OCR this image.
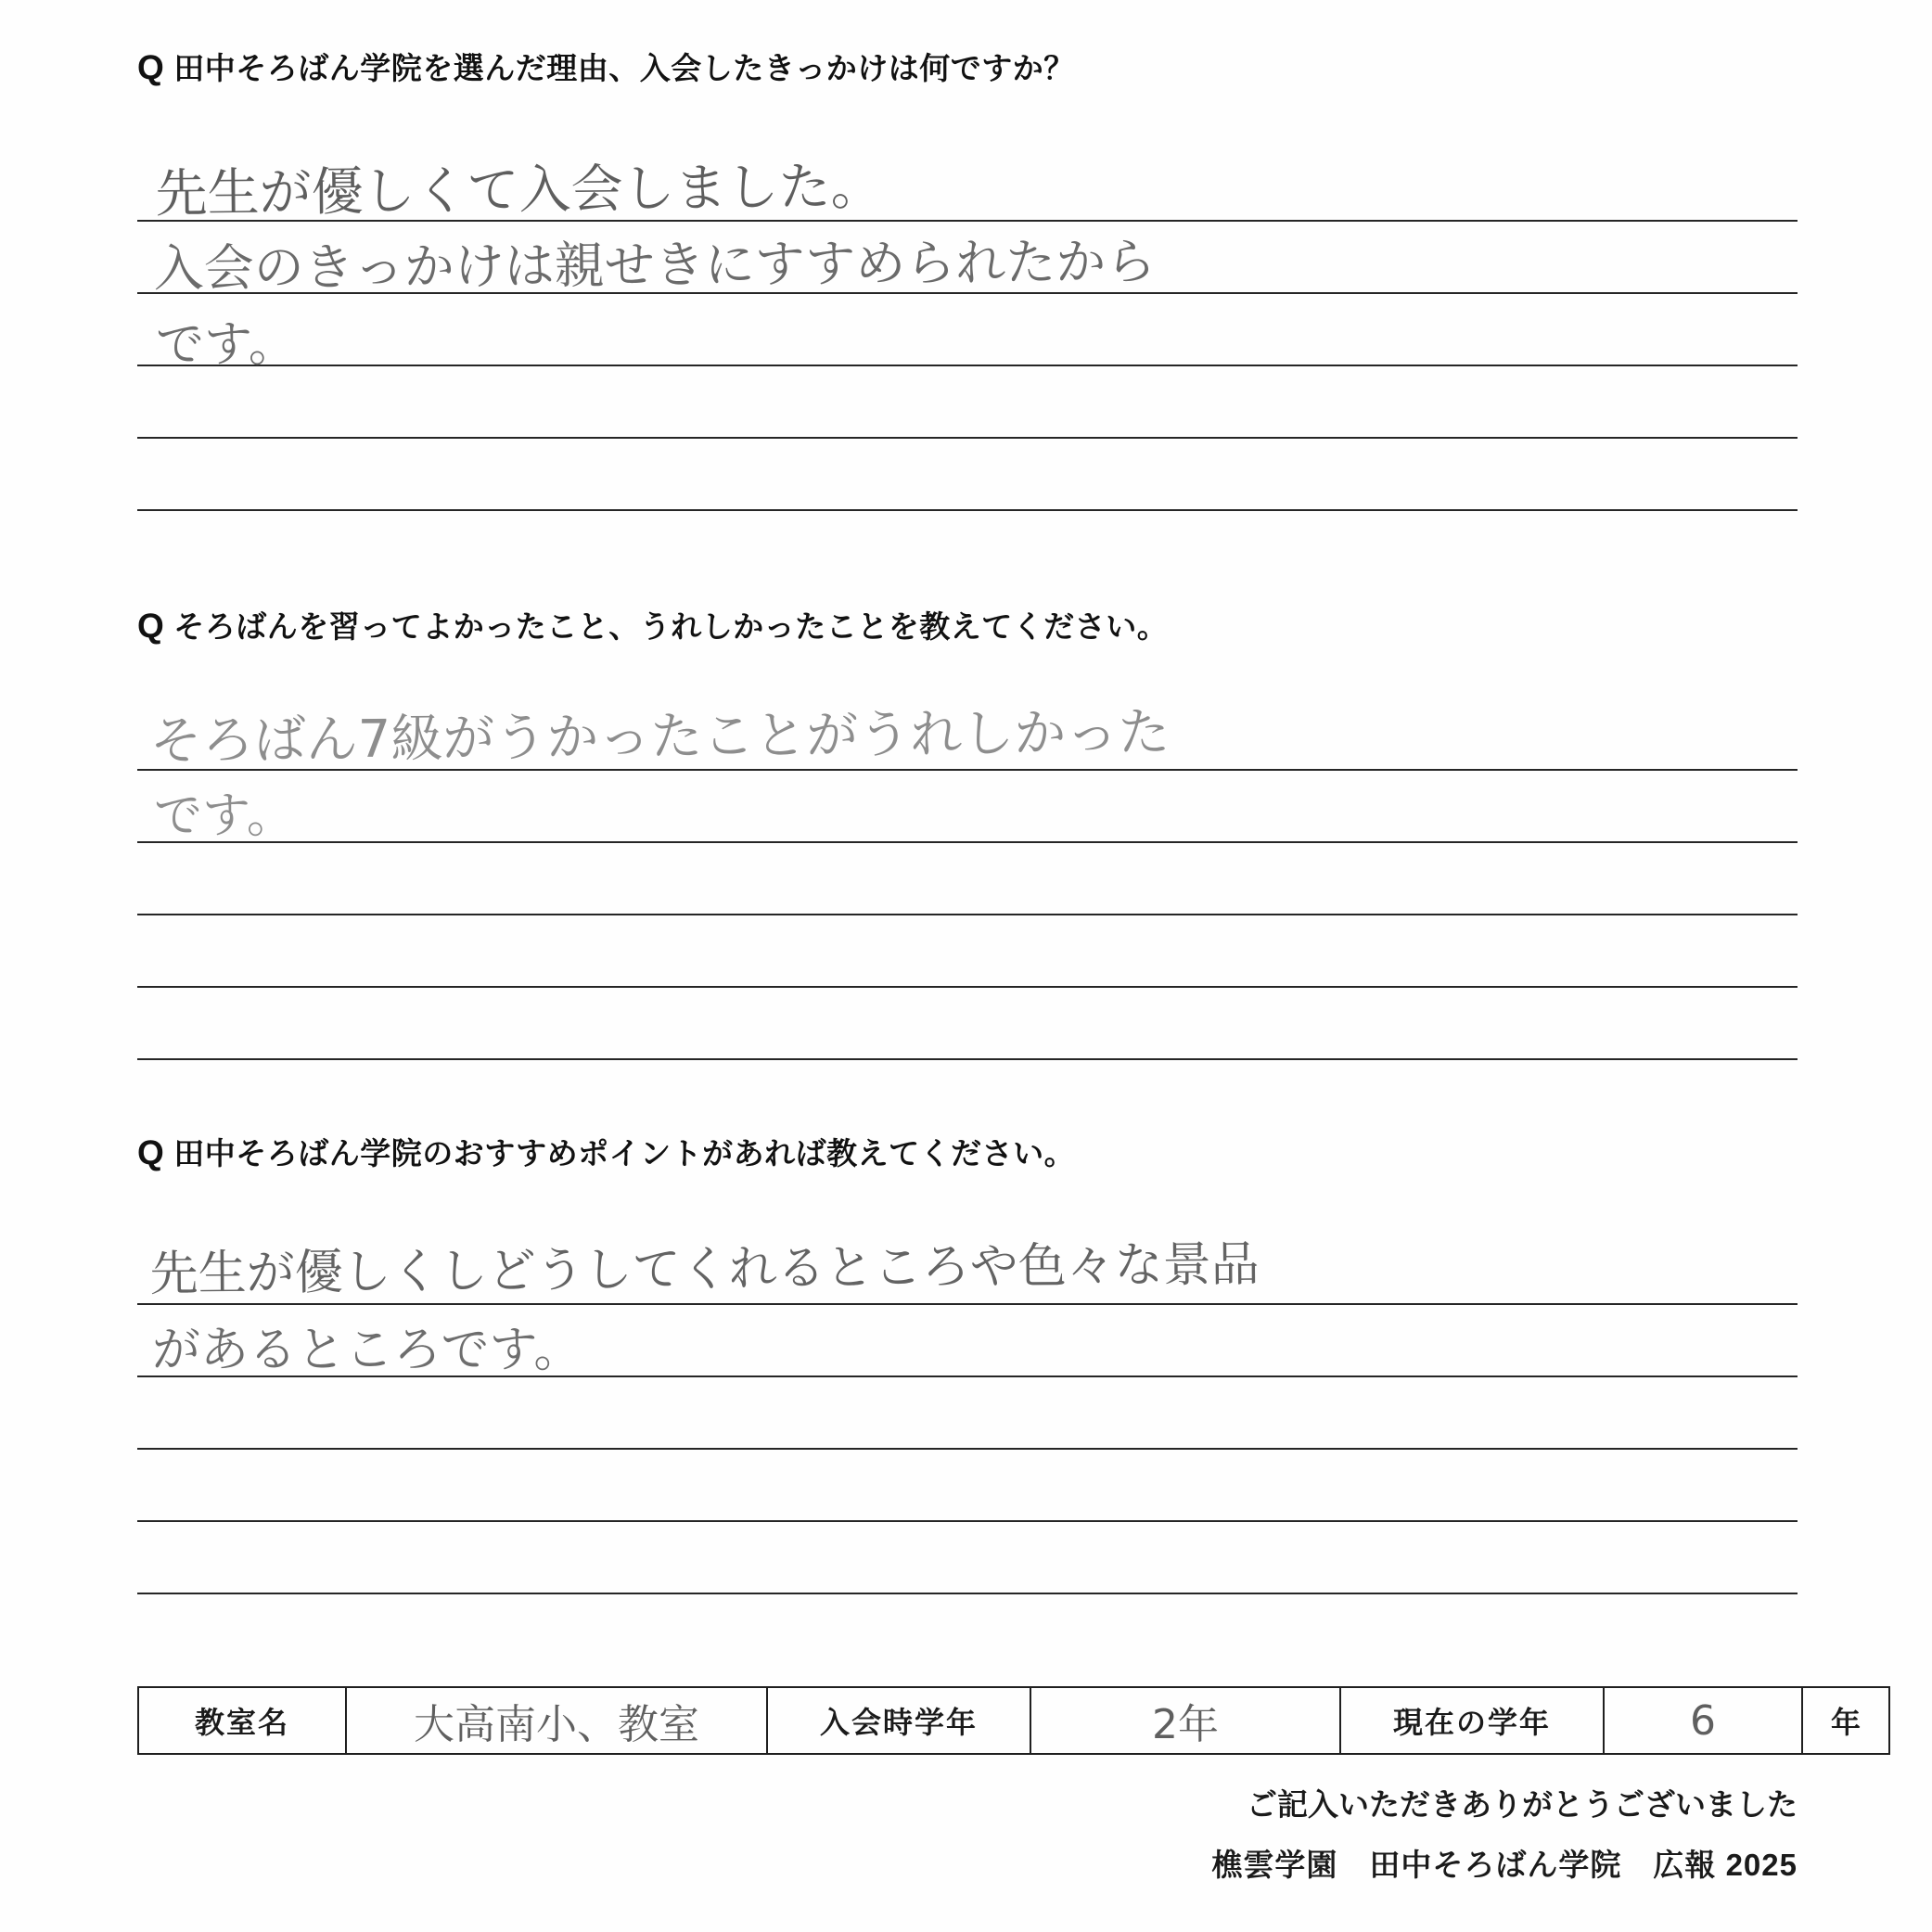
Q 田中そろばん学院を選んだ理由、入会したきっかけは何ですか？
先生が優しくて入会しました。
入会のきっかけは親せきにすすめられたから
です。
Q そろばんを習ってよかったこと、うれしかったことを教えてください。
そろばん7級がうかったことがうれしかった
です。
Q 田中そろばん学院のおすすめポイントがあれば教えてください。
先生が優しくしどうしてくれるところや色々な景品
があるところです。
教室名	大高南小、教室	入会時学年	2年	現在の学年	6	年
ご記入いただきありがとうございました
樵雲学園　田中そろばん学院　広報 2025
